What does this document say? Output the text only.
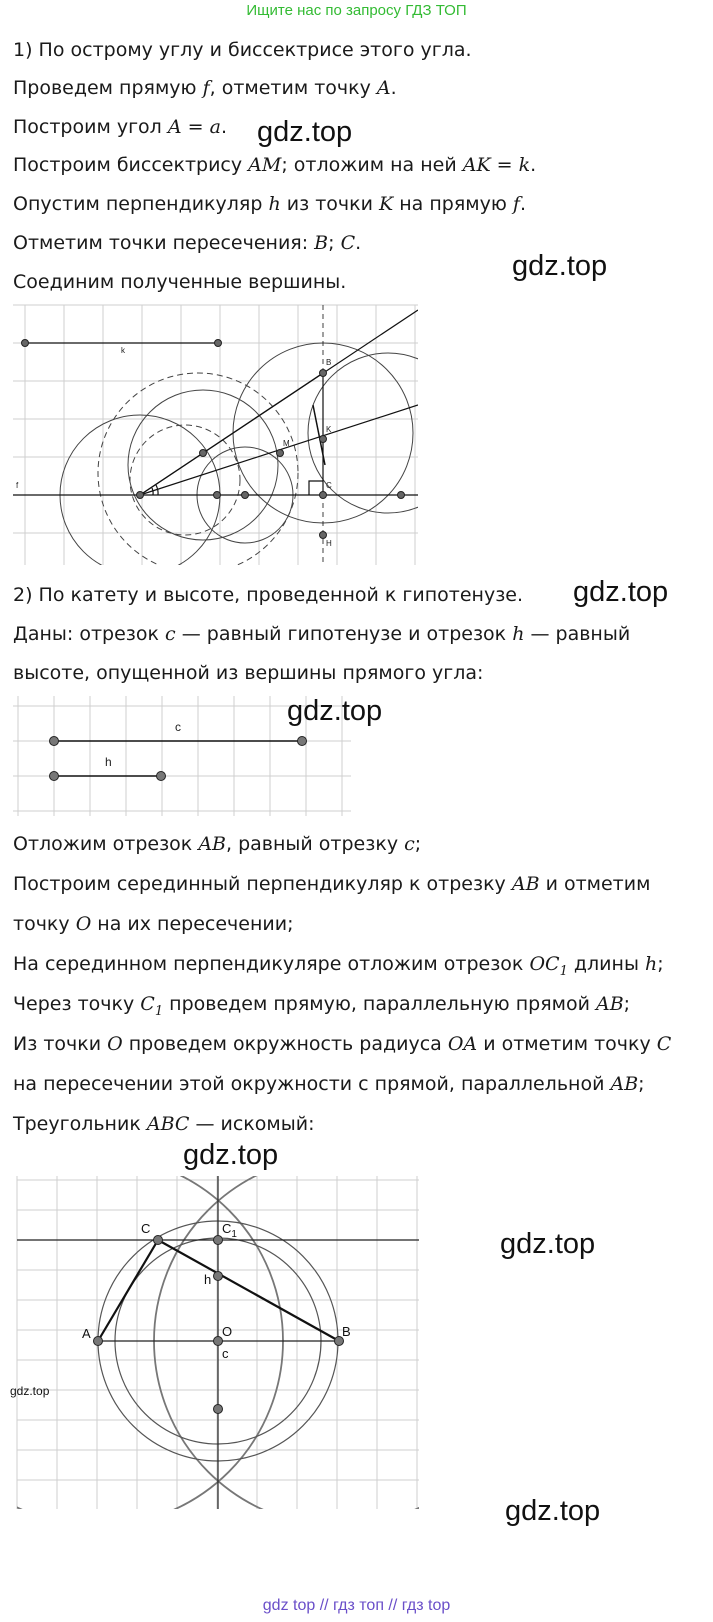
Ищите нас по запросу ГДЗ ТОП
1) По острому углу и биссектрисе этого угла.
Проведем прямую f, отметим точку A.
Построим угол A = a.
Построим биссектрису AM; отложим на ней AK = k.
Опустим перпендикуляр h из точки K на прямую f.
Отметим точки пересечения: B; C.
Соединим полученные вершины.
gdz.top
gdz.top
k
f
B
M
K
C
H
2) По катету и высоте, проведенной к гипотенузе. gdz.top
Даны: отрезок c — равный гипотенузе и отрезок h — равный
высоте, опущенной из вершины прямого угла:
c
h
gdz.top
Отложим отрезок AB, равный отрезку c;
Построим серединный перпендикуляр к отрезку AB и отметим
точку O на их пересечении;
На серединном перпендикуляре отложим отрезок $OC_1$ длины h;
Через точку $C_1$ проведем прямую, параллельную прямой AB;
Из точки O проведем окружность радиуса OA и отметим точку C
на пересечении этой окружности с прямой, параллельной AB;
Треугольник ABC — искомый:
A	B
C	$C_1$
h
O
c
gdz.top
gdz.top
gdz.top
gdz.top
gdz top // гдз топ // гдз top
